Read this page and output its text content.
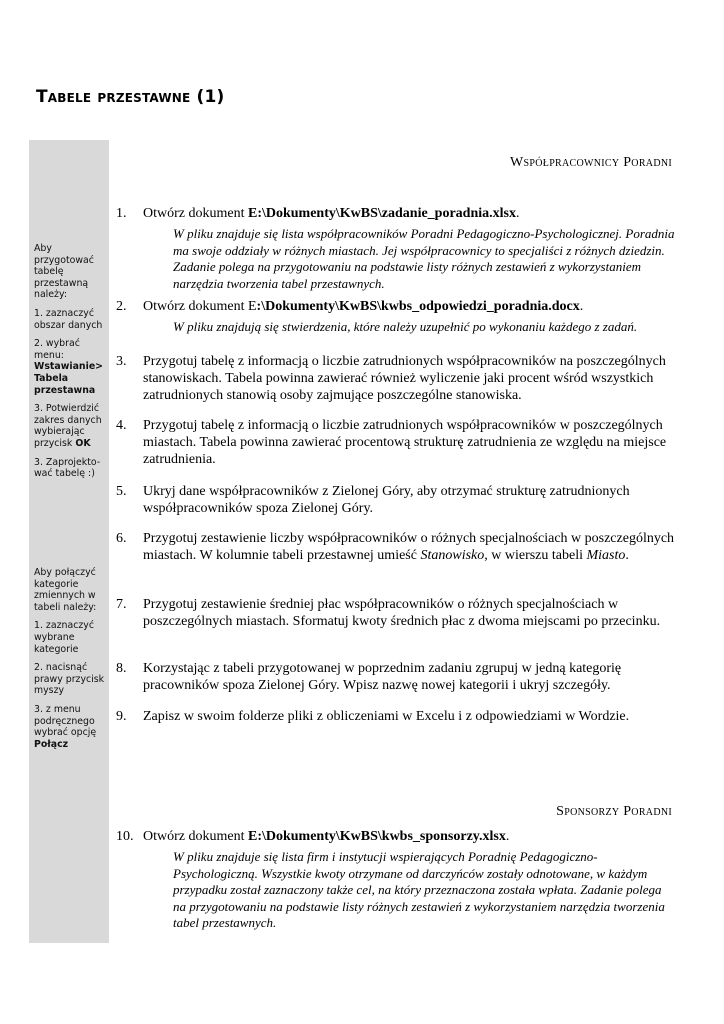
Tabele przestawne (1)

Aby przygotować tabelę przestawną należy:

1. zaznaczyć obszar danych

2. wybrać menu:
Wstawianie> Tabela przestawna

3. Potwierdzić zakres danych wybierając przycisk OK

3. Zaprojekto-wać tabelę :)

Aby połączyć kategorie zmiennych w tabeli należy:

1. zaznaczyć wybrane kategorie

2. nacisnąć prawy przycisk myszy

3. z menu podręcznego wybrać opcję Połącz

Współpracownicy Poradni
1.	Otwórz dokument E:\Dokumenty\KwBS\zadanie_poradnia.xlsx.
W pliku znajduje się lista współpracowników Poradni Pedagogiczno-Psychologicznej. Poradnia ma swoje oddziały w różnych miastach. Jej współpracownicy to specjaliści z różnych dziedzin. Zadanie polega na przygotowaniu na podstawie listy różnych zestawień z wykorzystaniem narzędzia tworzenia tabel przestawnych.
2.	Otwórz dokument E:\Dokumenty\KwBS\kwbs_odpowiedzi_poradnia.docx.
W pliku znajdują się stwierdzenia, które należy uzupełnić po wykonaniu każdego z zadań.
3.	Przygotuj tabelę z informacją o liczbie zatrudnionych współpracowników na poszczególnych stanowiskach. Tabela powinna zawierać również wyliczenie jaki procent wśród wszystkich zatrudnionych stanowią osoby zajmujące poszczególne stanowiska.
4.	Przygotuj tabelę z informacją o liczbie zatrudnionych współpracowników w poszczególnych miastach. Tabela powinna zawierać procentową strukturę zatrudnienia ze względu na miejsce zatrudnienia.
5.	Ukryj dane współpracowników z Zielonej Góry, aby otrzymać strukturę zatrudnionych współpracowników spoza Zielonej Góry.
6.	Przygotuj zestawienie liczby współpracowników o różnych specjalnościach w poszczególnych miastach. W kolumnie tabeli przestawnej umieść Stanowisko, w wierszu tabeli Miasto.
7.	Przygotuj zestawienie średniej płac współpracowników o różnych specjalnościach w poszczególnych miastach. Sformatuj kwoty średnich płac z dwoma miejscami po przecinku.
8.	Korzystając z tabeli przygotowanej w poprzednim zadaniu zgrupuj w jedną kategorię pracowników spoza Zielonej Góry. Wpisz nazwę nowej kategorii i ukryj szczegóły.
9.	Zapisz w swoim folderze pliki z obliczeniami w Excelu i z odpowiedziami w Wordzie.
Sponsorzy Poradni
10. Otwórz dokument E:\Dokumenty\KwBS\kwbs_sponsorzy.xlsx.
W pliku znajduje się lista firm i instytucji wspierających Poradnię Pedagogiczno-Psychologiczną. Wszystkie kwoty otrzymane od darczyńców zostały odnotowane, w każdym przypadku został zaznaczony także cel, na który przeznaczona została wpłata. Zadanie polega na przygotowaniu na podstawie listy różnych zestawień z wykorzystaniem narzędzia tworzenia tabel przestawnych.
